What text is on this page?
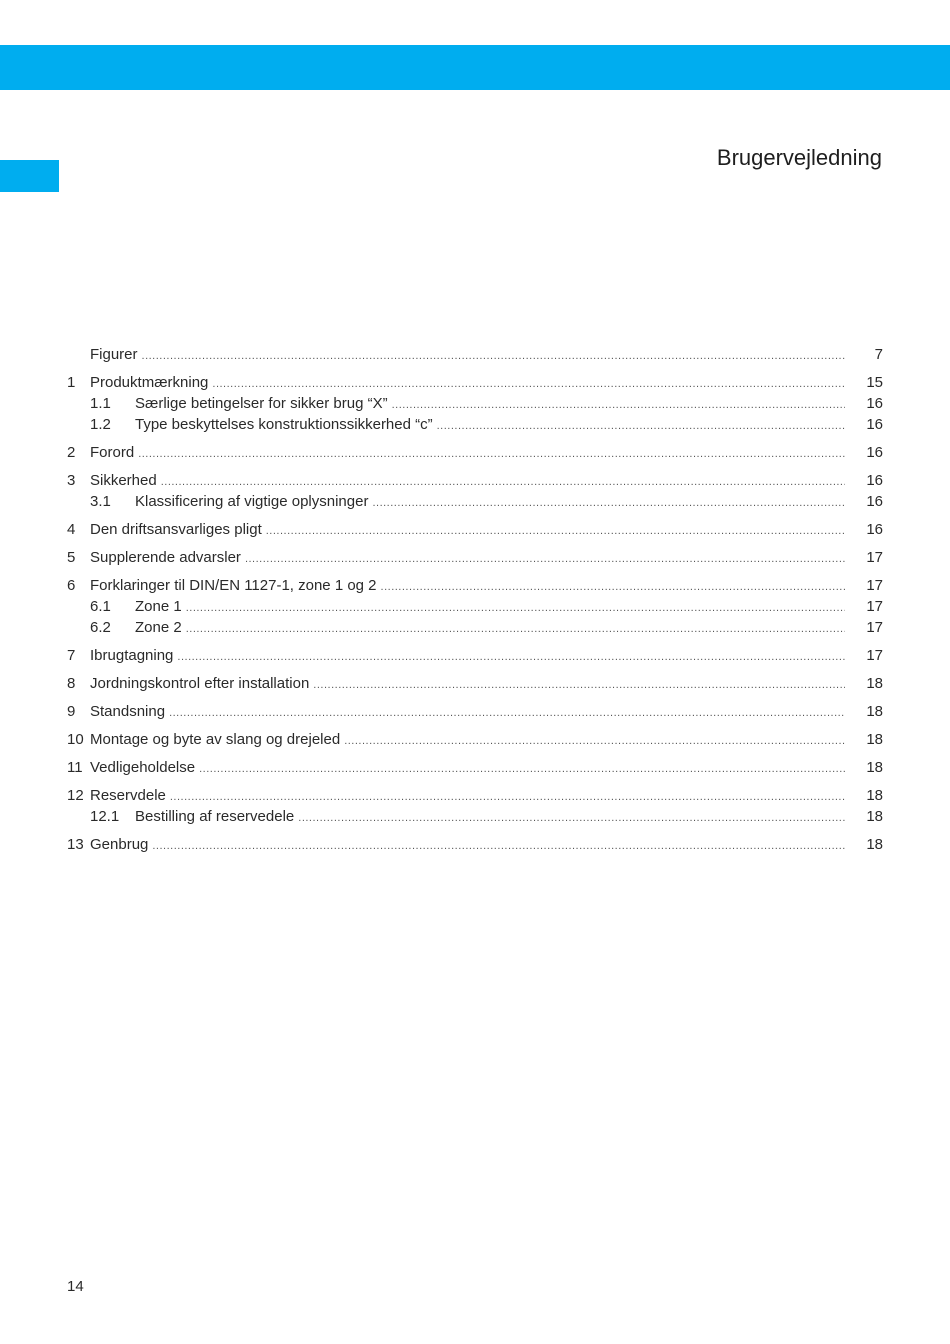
Brugervejledning
Figurer .....	7
1 Produktmærkning .....	15
1.1 Særlige betingelser for sikker brug “X” .....	16
1.2 Type beskyttelses konstruktionssikkerhed “c” .....	16
2 Forord .....	16
3 Sikkerhed .....	16
3.1 Klassificering af vigtige oplysninger .....	16
4 Den driftsansvarliges pligt .....	16
5 Supplerende advarsler .....	17
6 Forklaringer til DIN/EN 1127-1, zone 1 og 2 .....	17
6.1 Zone 1 .....	17
6.2 Zone 2 .....	17
7 Ibrugtagning .....	17
8 Jordningskontrol efter installation .....	18
9 Standsning .....	18
10 Montage og byte av slang og drejeled .....	18
11 Vedligeholdelse .....	18
12 Reservdele .....	18
12.1 Bestilling af reservedele .....	18
13 Genbrug .....	18
14
